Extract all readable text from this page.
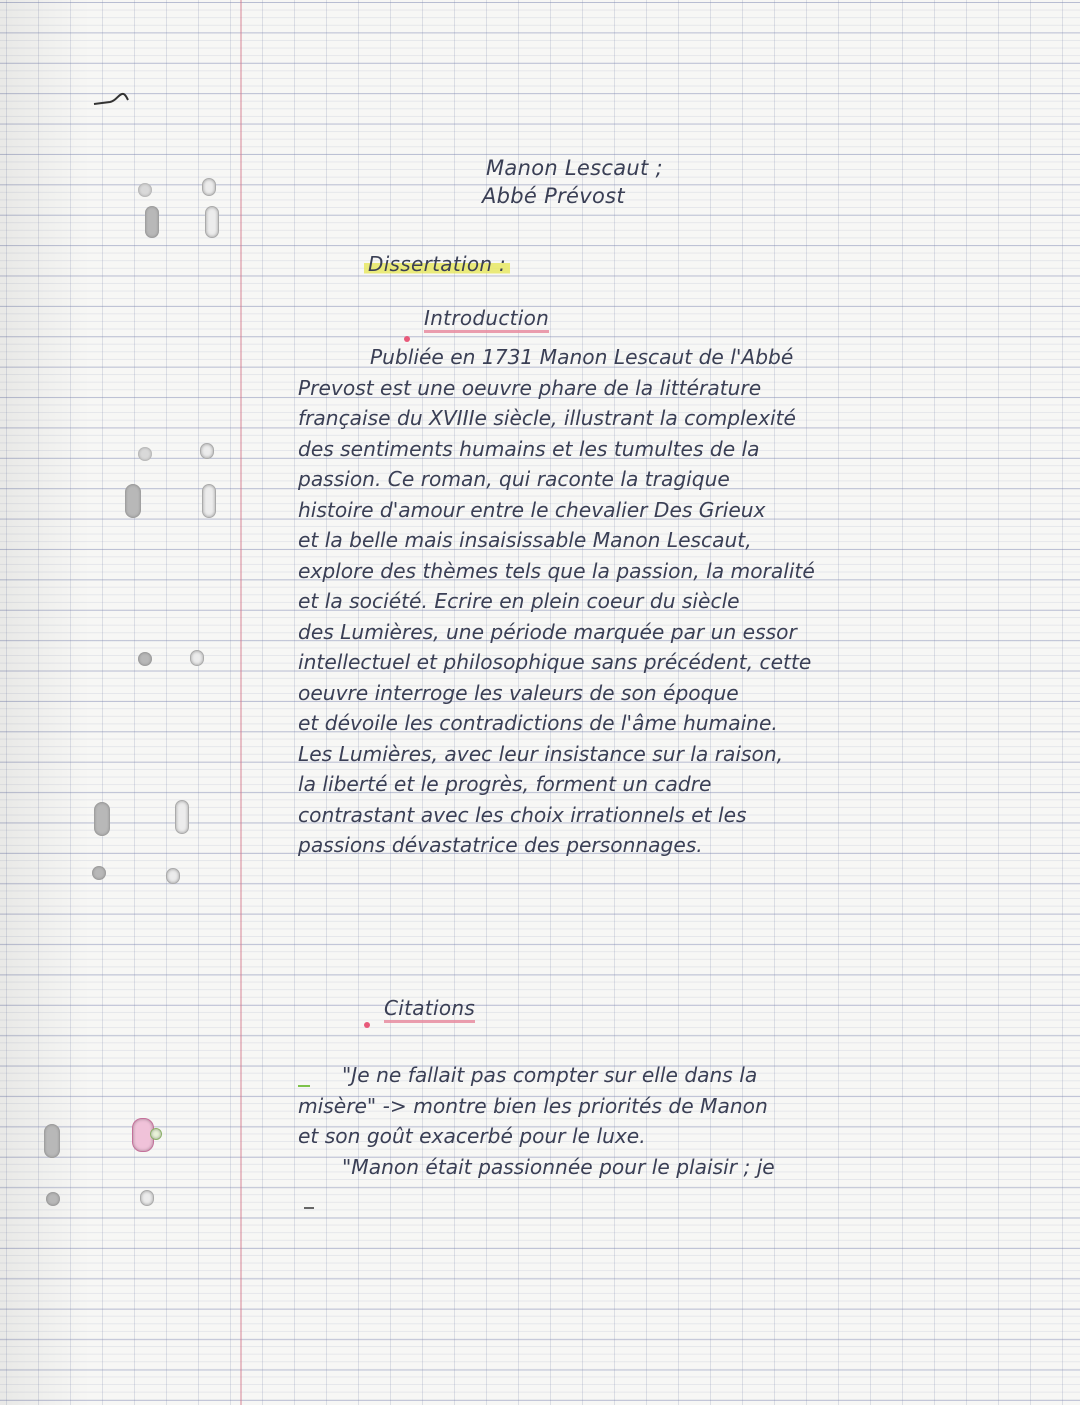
Manon Lescaut ;

Abbé Prévost

Dissertation :

Introduction

Publiée en 1731 Manon Lescaut de l'Abbé
Prevost est une oeuvre phare de la littérature
française du XVIIIe siècle, illustrant la complexité
des sentiments humains et les tumultes de la
passion. Ce roman, qui raconte la tragique
histoire d'amour entre le chevalier Des Grieux
et la belle mais insaisissable Manon Lescaut,
explore des thèmes tels que la passion, la moralité
et la société. Ecrire en plein coeur du siècle
des Lumières, une période marquée par un essor
intellectuel et philosophique sans précédent, cette
oeuvre interroge les valeurs de son époque
et dévoile les contradictions de l'âme humaine.
Les Lumières, avec leur insistance sur la raison,
la liberté et le progrès, forment un cadre
contrastant avec les choix irrationnels et les
passions dévastatrice des personnages.

Citations

"Je ne fallait pas compter sur elle dans la
misère" -> montre bien les priorités de Manon
et son goût exacerbé pour le luxe.
"Manon était passionnée pour le plaisir ; je
